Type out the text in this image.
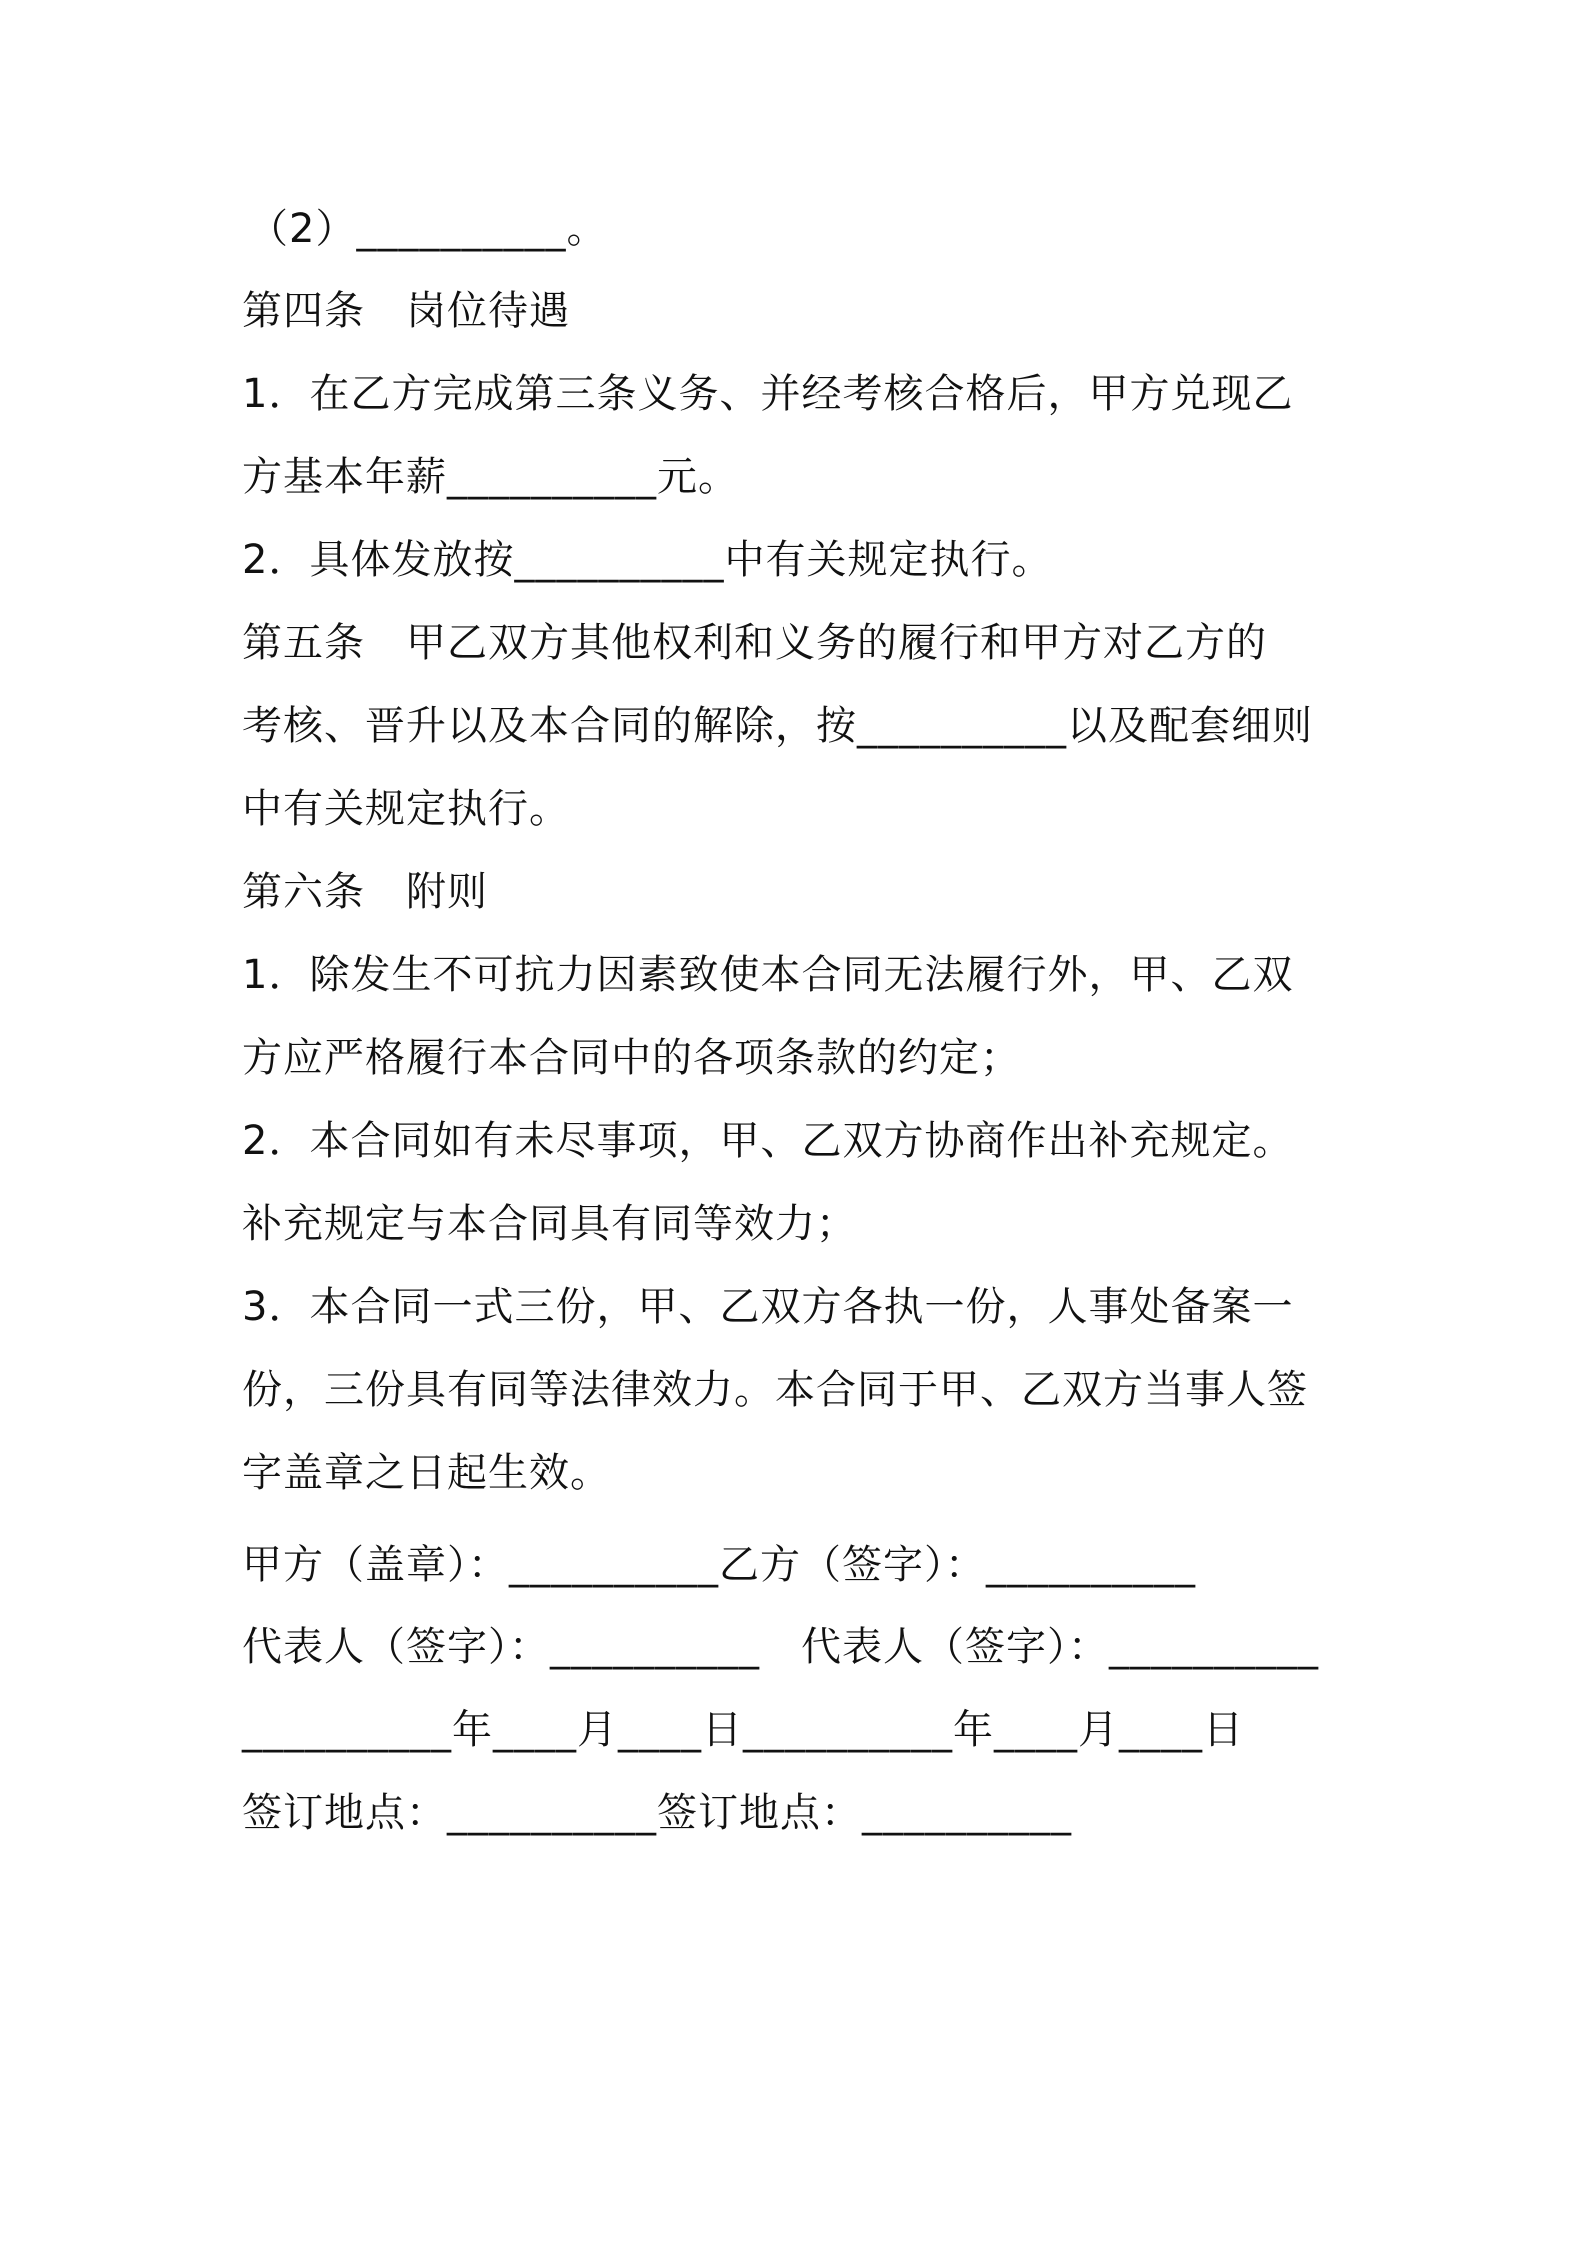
（2）__________。
第四条　岗位待遇
1．在乙方完成第三条义务、并经考核合格后，甲方兑现乙
方基本年薪__________元。
2．具体发放按__________中有关规定执行。
第五条　甲乙双方其他权利和义务的履行和甲方对乙方的
考核、晋升以及本合同的解除，按__________以及配套细则
中有关规定执行。
第六条　附则
1．除发生不可抗力因素致使本合同无法履行外，甲、乙双
方应严格履行本合同中的各项条款的约定；
2．本合同如有未尽事项，甲、乙双方协商作出补充规定。
补充规定与本合同具有同等效力；
3．本合同一式三份，甲、乙双方各执一份，人事处备案一
份，三份具有同等法律效力。本合同于甲、乙双方当事人签
字盖章之日起生效。
甲方（盖章）：__________乙方（签字）：__________
代表人（签字）：__________　代表人（签字）：__________
__________年____月____日__________年____月____日
签订地点：__________签订地点：__________
